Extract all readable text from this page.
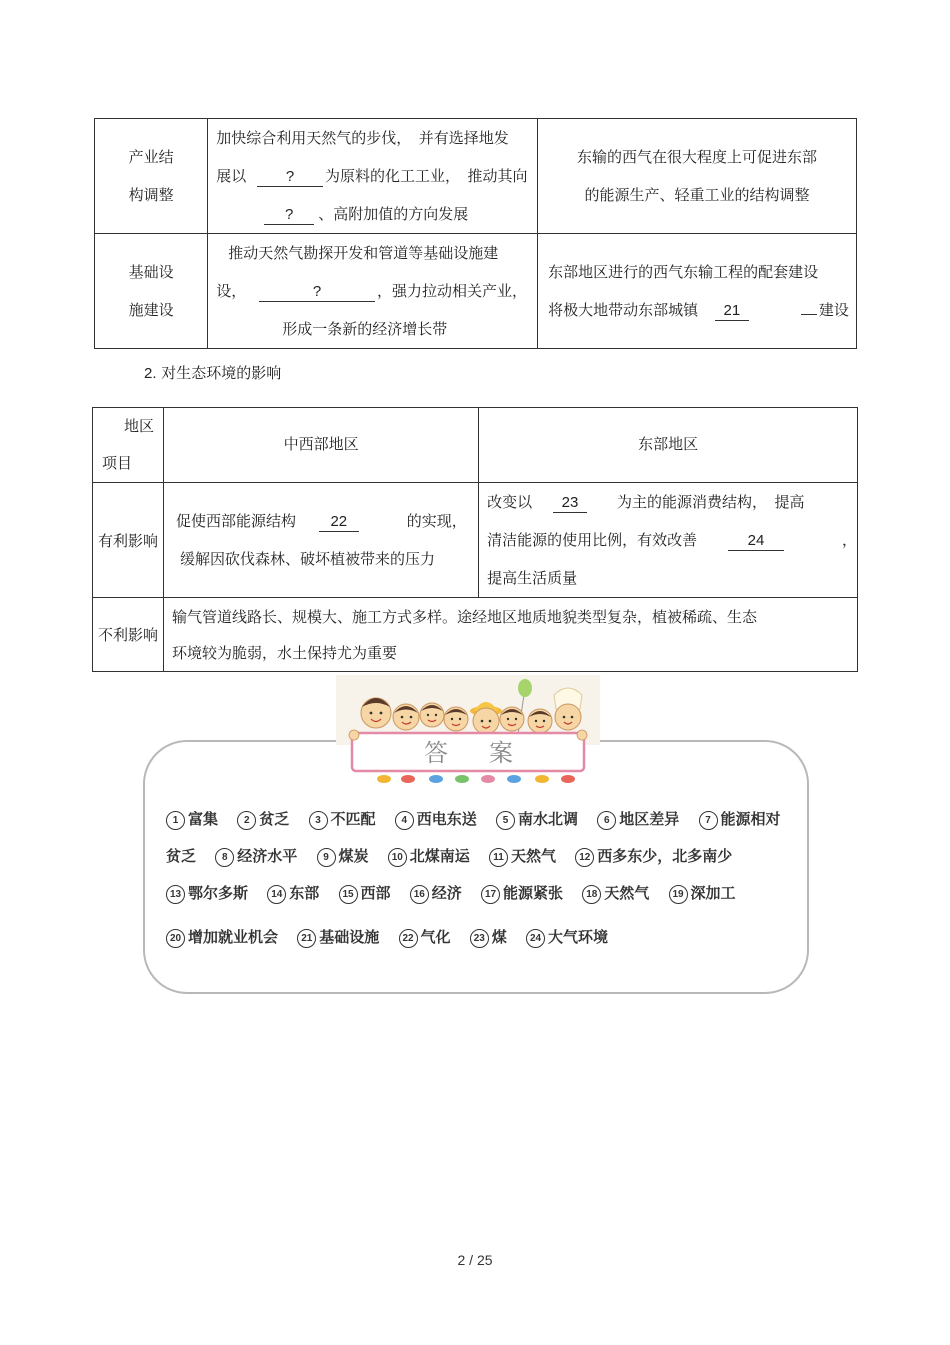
产业结
构调整	加快综合利用天然气的步伐，　并有选择地发
展以 ? 为原料的化工工业，　推动其向
? 、高附加值的方向发展	东输的西气在很大程度上可促进东部
的能源生产、轻重工业的结构调整

基础设
施建设	推动天然气勘探开发和管道等基础设施建
设， ? ，强力拉动相关产业，
形成一条新的经济增长带	东部地区进行的西气东输工程的配套建设
将极大地带动东部城镇 21 建设
2. 对生态环境的影响
地区
项目	中西部地区	东部地区
有利影响	促使西部能源结构 22 的实现，
缓解因砍伐森林、破坏植被带来的压力	改变以 23 为主的能源消费结构，　提高
清洁能源的使用比例，有效改善 24 ，
提高生活质量

不利影响	输气管道线路长、规模大、施工方式多样。途经地区地质地貌类型复杂，植被稀疏、生态
环境较为脆弱，水土保持尤为重要	
答 案
1 富集	2 贫乏	3 不匹配	4 西电东送	5 南水北调	6 地区差异	7 能源相对
贫乏	8 经济水平	9 煤炭 10 北煤南运 11 天然气 12 西多东少，北多南少
13 鄂尔多斯 14 东部 15 西部 16 经济 17 能源紧张 18 天然气 19 深加工
20 增加就业机会 21 基础设施 22 气化 23 煤 24 大气环境
2 / 25
